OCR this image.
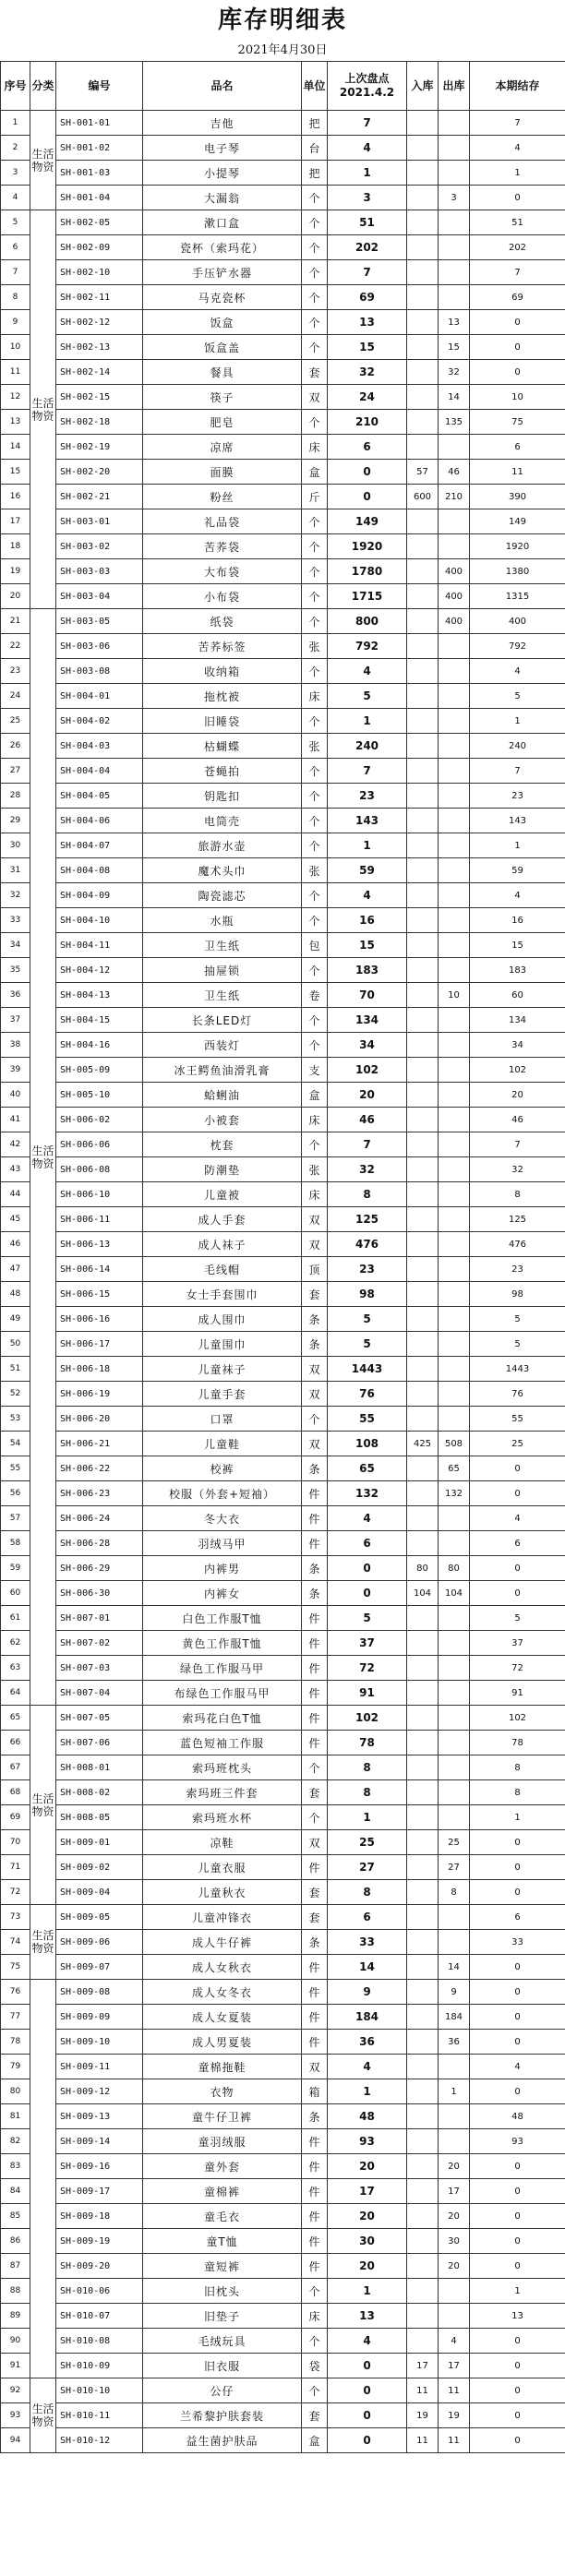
库存明细表
2021年4月30日
序号	分类	编号	品名	单位	上次盘点 2021.4.2	入库	出库	本期结存
1	生活物资	SH-001-01	吉他	把	7			7
2		SH-001-02	电子琴	台	4			4
3		SH-001-03	小提琴	把	1			1
4		SH-001-04	大漏翁	个	3		3	0
5	生活物资	SH-002-05	漱口盒	个	51			51
6		SH-002-09	瓷杯（索玛花）	个	202			202
7		SH-002-10	手压铲水器	个	7			7
8		SH-002-11	马克瓷杯	个	69			69
9		SH-002-12	饭盒	个	13		13	0
10		SH-002-13	饭盒盖	个	15		15	0
11		SH-002-14	餐具	套	32		32	0
12		SH-002-15	筷子	双	24		14	10
13		SH-002-18	肥皂	个	210		135	75
14		SH-002-19	凉席	床	6			6
15		SH-002-20	面膜	盒	0	57	46	11
16		SH-002-21	粉丝	斤	0	600	210	390
17		SH-003-01	礼品袋	个	149			149
18		SH-003-02	苦荞袋	个	1920			1920
19		SH-003-03	大布袋	个	1780		400	1380
20		SH-003-04	小布袋	个	1715		400	1315
21	生活物资	SH-003-05	纸袋	个	800		400	400
22		SH-003-06	苦荞标签	张	792			792
23		SH-003-08	收纳箱	个	4			4
24		SH-004-01	拖枕被	床	5			5
25		SH-004-02	旧睡袋	个	1			1
26		SH-004-03	枯蝴蝶	张	240			240
27		SH-004-04	苍蝇拍	个	7			7
28		SH-004-05	钥匙扣	个	23			23
29		SH-004-06	电筒壳	个	143			143
30		SH-004-07	旅游水壶	个	1			1
31		SH-004-08	魔术头巾	张	59			59
32		SH-004-09	陶瓷滤芯	个	4			4
33		SH-004-10	水瓶	个	16			16
34		SH-004-11	卫生纸	包	15			15
35		SH-004-12	抽屉锁	个	183			183
36		SH-004-13	卫生纸	卷	70		10	60
37		SH-004-15	长条LED灯	个	134			134
38		SH-004-16	西装灯	个	34			34
39		SH-005-09	冰王鳄鱼油滑乳膏	支	102			102
40		SH-005-10	蛤蜊油	盒	20			20
41		SH-006-02	小被套	床	46			46
42		SH-006-06	枕套	个	7			7
43		SH-006-08	防潮垫	张	32			32
44		SH-006-10	儿童被	床	8			8
45		SH-006-11	成人手套	双	125			125
46		SH-006-13	成人袜子	双	476			476
47		SH-006-14	毛线帽	顶	23			23
48		SH-006-15	女士手套围巾	套	98			98
49		SH-006-16	成人围巾	条	5			5
50		SH-006-17	儿童围巾	条	5			5
51		SH-006-18	儿童袜子	双	1443			1443
52		SH-006-19	儿童手套	双	76			76
53		SH-006-20	口罩	个	55			55
54		SH-006-21	儿童鞋	双	108	425	508	25
55		SH-006-22	校裤	条	65		65	0
56		SH-006-23	校服（外套+短袖）	件	132		132	0
57		SH-006-24	冬大衣	件	4			4
58		SH-006-28	羽绒马甲	件	6			6
59		SH-006-29	内裤男	条	0	80	80	0
60		SH-006-30	内裤女	条	0	104	104	0
61		SH-007-01	白色工作服T恤	件	5			5
62		SH-007-02	黄色工作服T恤	件	37			37
63		SH-007-03	绿色工作服马甲	件	72			72
64		SH-007-04	布绿色工作服马甲	件	91			91
65	生活物资	SH-007-05	索玛花白色T恤	件	102			102
66		SH-007-06	蓝色短袖工作服	件	78			78
67		SH-008-01	索玛班枕头	个	8			8
68		SH-008-02	索玛班三件套	套	8			8
69		SH-008-05	索玛班水杯	个	1			1
70		SH-009-01	凉鞋	双	25		25	0
71		SH-009-02	儿童衣服	件	27		27	0
72		SH-009-04	儿童秋衣	套	8		8	0
73	生活物资	SH-009-05	儿童冲锋衣	套	6			6
74		SH-009-06	成人牛仔裤	条	33			33
75		SH-009-07	成人女秋衣	件	14		14	0
76		SH-009-08	成人女冬衣	件	9		9	0
77		SH-009-09	成人女夏装	件	184		184	0
78		SH-009-10	成人男夏装	件	36		36	0
79		SH-009-11	童棉拖鞋	双	4			4
80		SH-009-12	衣物	箱	1		1	0
81		SH-009-13	童牛仔卫裤	条	48			48
82		SH-009-14	童羽绒服	件	93			93
83		SH-009-16	童外套	件	20		20	0
84		SH-009-17	童棉裤	件	17		17	0
85		SH-009-18	童毛衣	件	20		20	0
86		SH-009-19	童T恤	件	30		30	0
87		SH-009-20	童短裤	件	20		20	0
88		SH-010-06	旧枕头	个	1			1
89		SH-010-07	旧垫子	床	13			13
90		SH-010-08	毛绒玩具	个	4		4	0
91		SH-010-09	旧衣服	袋	0	17	17	0
92	生活物资	SH-010-10	公仔	个	0	11	11	0
93		SH-010-11	兰希黎护肤套装	套	0	19	19	0
94		SH-010-12	益生菌护肤品	盒	0	11	11	0
